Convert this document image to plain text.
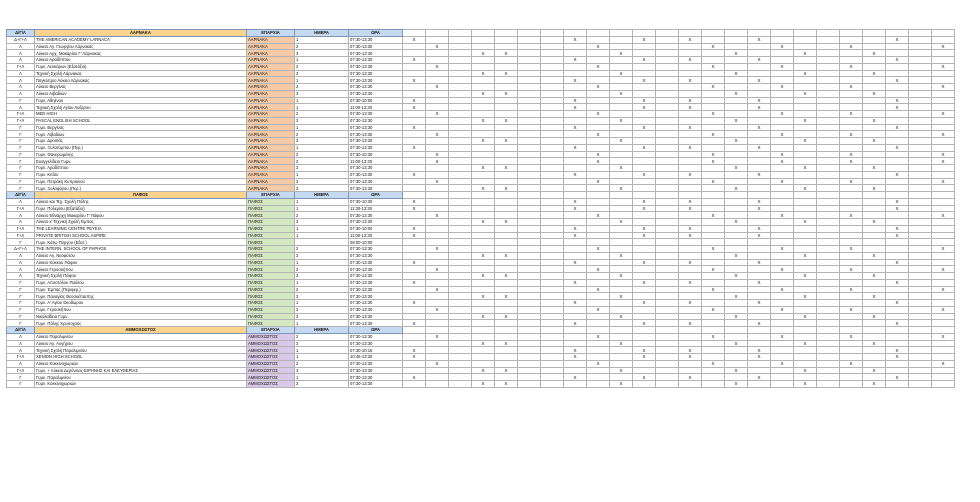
Δ/Γ/Λ	ΛΑΡΝΑΚΑ	ΕΠΑΡΧΙΑ	ΗΜΕΡΑ	ΩΡΑ																								
Δ+Γ+Λ	THE AMERICAN ACADEMY LARNACA	ΛΑΡΝΑΚΑ	1	07:30-13:30	X							X			X		X			X						X		
Λ	Λύκειο Αγ. Γεωργίου Λάρνακας	ΛΑΡΝΑΚΑ	2	07:30-13:30		X							X					X			X			X				X
Λ	Λύκειο Αρχ. Μακαρίου Γ' Λάρνακας	ΛΑΡΝΑΚΑ	3	07:30-13:30				X	X					X					X			X			X			
Λ	Λύκειο Αραδίππου	ΛΑΡΝΑΚΑ	1	07:30-13:30	X							X			X		X			X						X		
Γ+Λ	Γυμν. Λευκάρων (Εξατάξιο)	ΛΑΡΝΑΚΑ	2	07:30-13:30		X							X					X			X			X				X
Λ	Τεχνική Σχολή Λάρνακας	ΛΑΡΝΑΚΑ	3	07:30-13:30				X	X					X					X			X			X			
Λ	Παγκύπριο Λύκειο Λάρνακας	ΛΑΡΝΑΚΑ	1	07:30-13:30	X							X			X		X			X						X		
Λ	Λύκειο Βεργίνας	ΛΑΡΝΑΚΑ	2	07:30-13:30		X							X					X			X			X				X
Λ	Λύκειο Λιβαδιών	ΛΑΡΝΑΚΑ	3	07:30-13:30				X	X					X					X			X			X			
Γ	Γυμν. Αθηένου	ΛΑΡΝΑΚΑ	1	07:30-10:00	X							X			X		X			X						X		
Λ	Τεχνική Σχολή Αγίου Λαζάρου	ΛΑΡΝΑΚΑ	1	11:00-13:30	X							X			X		X			X						X		
Γ+Λ	MED HIGH	ΛΑΡΝΑΚΑ	2	07:30-13:30		X							X					X			X			X				X
Γ+Λ	PASCAL ENGLISH SCHOOL	ΛΑΡΝΑΚΑ	3	07:30-13:30				X	X					X					X			X			X			
Γ	Γυμν. Βεργίνας	ΛΑΡΝΑΚΑ	1	07:30-13:30	X							X			X		X			X						X		
Γ	Γυμν. Λιβαδιών	ΛΑΡΝΑΚΑ	2	07:30-13:30		X							X					X			X			X				X
Γ	Γυμν. Δροσιάς	ΛΑΡΝΑΚΑ	3	07:30-13:30				X	X					X					X			X			X			
Γ	Γυμν. Ξυλοτύμπου (Περ.)	ΛΑΡΝΑΚΑ	1	07:30-13:30	X							X			X		X			X						X		
Γ	Γυμν. Φανερωμένης	ΛΑΡΝΑΚΑ	2	07:30-10:30		X							X					X			X			X				X
Γ	Ευαγγελίδειο Γυμν.	ΛΑΡΝΑΚΑ	2	11:00-13:30		X							X					X			X			X				X
Γ	Γυμν. Αραδίππου	ΛΑΡΝΑΚΑ	3	07:30-13:30				X	X					X					X			X			X			
Γ	Γυμν. Κιτίου	ΛΑΡΝΑΚΑ	1	07:30-13:30	X							X			X		X			X						X		
Γ	Γυμν. Πετράκη Κυπριανού	ΛΑΡΝΑΚΑ	2	07:30-13:30		X							X					X			X			X				X
Γ	Γυμν. Ξυλοφάγου (Περ.)	ΛΑΡΝΑΚΑ	3	07:30-13:30				X	X					X					X			X			X			
Δ/Γ/Λ	ΠΑΦΟΣ	ΕΠΑΡΧΙΑ	ΗΜΕΡΑ	ΩΡΑ																								
Λ	Λύκειο και Τεχ. Σχολή Πόλης	ΠΑΦΟΣ	1	07:30-10:30	X							X			X		X			X						X		
Γ+Λ	Γυμν. Πολεμίου (Εξατάξιο)	ΠΑΦΟΣ	1	11:30-13:30	X							X			X		X			X						X		
Λ	Λύκειο Εθνάρχη Μακαρίου Γ' Πάφου	ΠΑΦΟΣ	2	07:30-13:30		X							X					X			X			X				X
Λ	Λύκειο κ' Τεχνική Σχολή Έμπας	ΠΑΦΟΣ	3	07:30-13:30				X	X					X					X			X			X			
Γ+Λ	THE LEARNING CENTRE PEYEIA	ΠΑΦΟΣ	1	07:30-10:00	X							X			X		X			X						X		
Γ+Λ	PRIVATE BRITISH SCHOOL ASPIRE	ΠΑΦΟΣ	1	11:00-13:30	X							X			X		X			X						X		
Γ	Γυμν. Κάτω Πύργου (Εξατ.)	ΠΑΦΟΣ		08:00-10:00																								
Δ+Γ+Λ	THE INTERN. SCHOOL OF PAPHOS	ΠΑΦΟΣ	2	07:30-13:30		X							X					X			X			X				X
Λ	Λύκειο Αγ. Νεοφύτου	ΠΑΦΟΣ	3	07:30-13:30				X	X					X					X			X			X			
Λ	Λύκειο Κύκκου Πάφου	ΠΑΦΟΣ	1	07:30-13:30	X							X			X		X			X						X		
Λ	Λύκειο Γεροσκήπου	ΠΑΦΟΣ	2	07:30-13:30		X							X					X			X			X				X
Λ	Τεχνική Σχολή Πάφου	ΠΑΦΟΣ	3	07:30-13:30				X	X					X					X			X			X			
Γ	Γυμν. Αποστόλου Παύλου	ΠΑΦΟΣ	1	07:30-13:30	X							X			X		X			X						X		
Γ	Γυμν. Έμπας (Περιφερ.)	ΠΑΦΟΣ	2	07:30-13:30		X							X					X			X			X				X
Γ	Γυμν. Παναγίας Θεοσκέπαστης	ΠΑΦΟΣ	3	07:30-13:30				X	X					X					X			X			X			
Γ	Γυμν. Α' Αγίου Θεοδώρου	ΠΑΦΟΣ	1	07:30-13:30	X							X			X		X			X						X		
Γ	Γυμν. Γεροσκήπου	ΠΑΦΟΣ	2	07:30-13:30		X							X					X			X			X				X
Γ	Νικολαΐδειο Γυμν.	ΠΑΦΟΣ	3	07:30-13:30				X	X					X					X			X			X			
Γ	Γυμν. Πόλης Χρυσοχούς	ΠΑΦΟΣ	1	07:30-13:30	X							X			X		X			X						X		
Δ/Γ/Λ	ΑΜΜΟΧΩΣΤΟΣ	ΕΠΑΡΧΙΑ	ΗΜΕΡΑ	ΩΡΑ																								
Λ	Λύκειο Παραλιμνίου	ΑΜΜΟΧΩΣΤΟΣ	2	07:30-13:30		X							X					X			X			X				X
Λ	Λύκειο Αγ. Αυγήρου	ΑΜΜΟΧΩΣΤΟΣ	3	07:30-13:30				X	X					X					X			X			X			
Λ	Τεχνική Σχολή Παραλιμνίου	ΑΜΜΟΧΩΣΤΟΣ	1	07:30-10:15	X							X			X		X			X						X		
Γ+Λ	XENION HIGH SCHOOL	ΑΜΜΟΧΩΣΤΟΣ	1	10:45-13:30	X							X			X		X			X						X		
Λ	Λύκειο Κοκκινοχωριών	ΑΜΜΟΧΩΣΤΟΣ	2	07:30-13:30		X							X					X			X			X				X
Γ+Λ	Γυμν. + Λύκειο Δερύνειας-ΕΙΡΗΝΗΣ ΚΑΙ ΕΛΕΥΘΕΡΙΑΣ	ΑΜΜΟΧΩΣΤΟΣ	3	07:30-13:30				X	X					X					X			X			X			
Γ	Γυμν. Παραλιμνίου	ΑΜΜΟΧΩΣΤΟΣ	1	07:30-13:30	X							X			X		X			X						X		
Γ	Γυμν. Κοκκινοχωριών	ΑΜΜΟΧΩΣΤΟΣ	3	07:30-13:30				X	X					X					X			X			X			
